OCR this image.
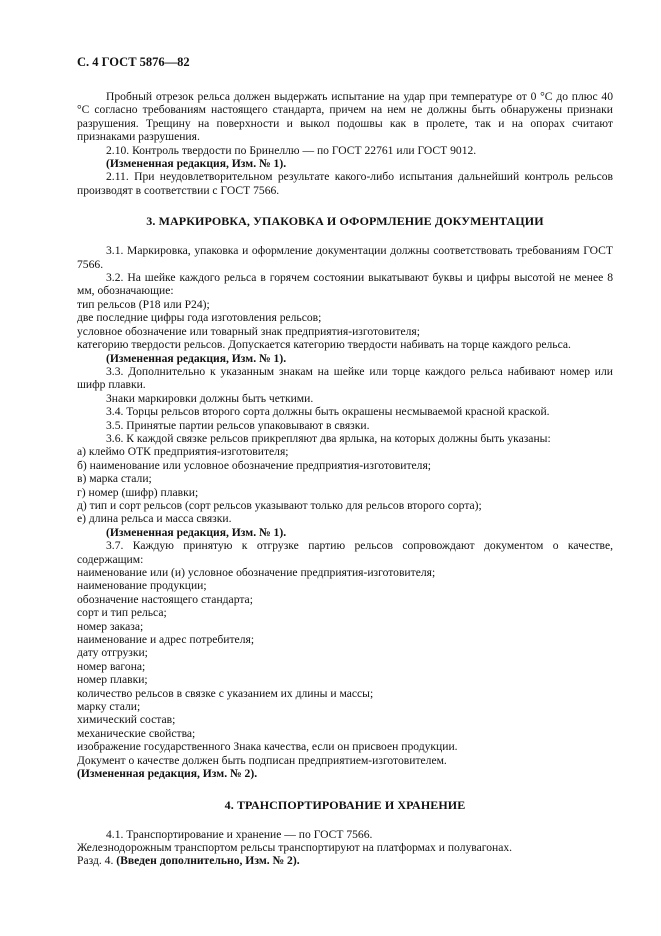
С. 4 ГОСТ 5876—82

Пробный отрезок рельса должен выдержать испытание на удар при температуре от 0 °C до плюс 40 °C согласно требованиям настоящего стандарта, причем на нем не должны быть обнаружены признаки разрушения. Трещину на поверхности и выкол подошвы как в пролете, так и на опорах считают признаками разрушения.

2.10. Контроль твердости по Бринеллю — по ГОСТ 22761 или ГОСТ 9012.

(Измененная редакция, Изм. № 1).

2.11. При неудовлетворительном результате какого-либо испытания дальнейший контроль рельсов производят в соответствии с ГОСТ 7566.

3. МАРКИРОВКА, УПАКОВКА И ОФОРМЛЕНИЕ ДОКУМЕНТАЦИИ

3.1. Маркировка, упаковка и оформление документации должны соответствовать требованиям ГОСТ 7566.

3.2. На шейке каждого рельса в горячем состоянии выкатывают буквы и цифры высотой не менее 8 мм, обозначающие:

тип рельсов (Р18 или Р24);

две последние цифры года изготовления рельсов;

условное обозначение или товарный знак предприятия-изготовителя;

категорию твердости рельсов. Допускается категорию твердости набивать на торце каждого рельса.

(Измененная редакция, Изм. № 1).

3.3. Дополнительно к указанным знакам на шейке или торце каждого рельса набивают номер или шифр плавки.

Знаки маркировки должны быть четкими.

3.4. Торцы рельсов второго сорта должны быть окрашены несмываемой красной краской.

3.5. Принятые партии рельсов упаковывают в связки.

3.6. К каждой связке рельсов прикрепляют два ярлыка, на которых должны быть указаны:

а) клеймо ОТК предприятия-изготовителя;

б) наименование или условное обозначение предприятия-изготовителя;

в) марка стали;

г) номер (шифр) плавки;

д) тип и сорт рельсов (сорт рельсов указывают только для рельсов второго сорта);

е) длина рельса и масса связки.

(Измененная редакция, Изм. № 1).

3.7. Каждую принятую к отгрузке партию рельсов сопровождают документом о качестве, содержащим:

наименование или (и) условное обозначение предприятия-изготовителя;

наименование продукции;

обозначение настоящего стандарта;

сорт и тип рельса;

номер заказа;

наименование и адрес потребителя;

дату отгрузки;

номер вагона;

номер плавки;

количество рельсов в связке с указанием их длины и массы;

марку стали;

химический состав;

механические свойства;

изображение государственного Знака качества, если он присвоен продукции.

Документ о качестве должен быть подписан предприятием-изготовителем.

(Измененная редакция, Изм. № 2).

4. ТРАНСПОРТИРОВАНИЕ И ХРАНЕНИЕ

4.1. Транспортирование и хранение — по ГОСТ 7566.

Железнодорожным транспортом рельсы транспортируют на платформах и полувагонах.

Разд. 4. (Введен дополнительно, Изм. № 2).
